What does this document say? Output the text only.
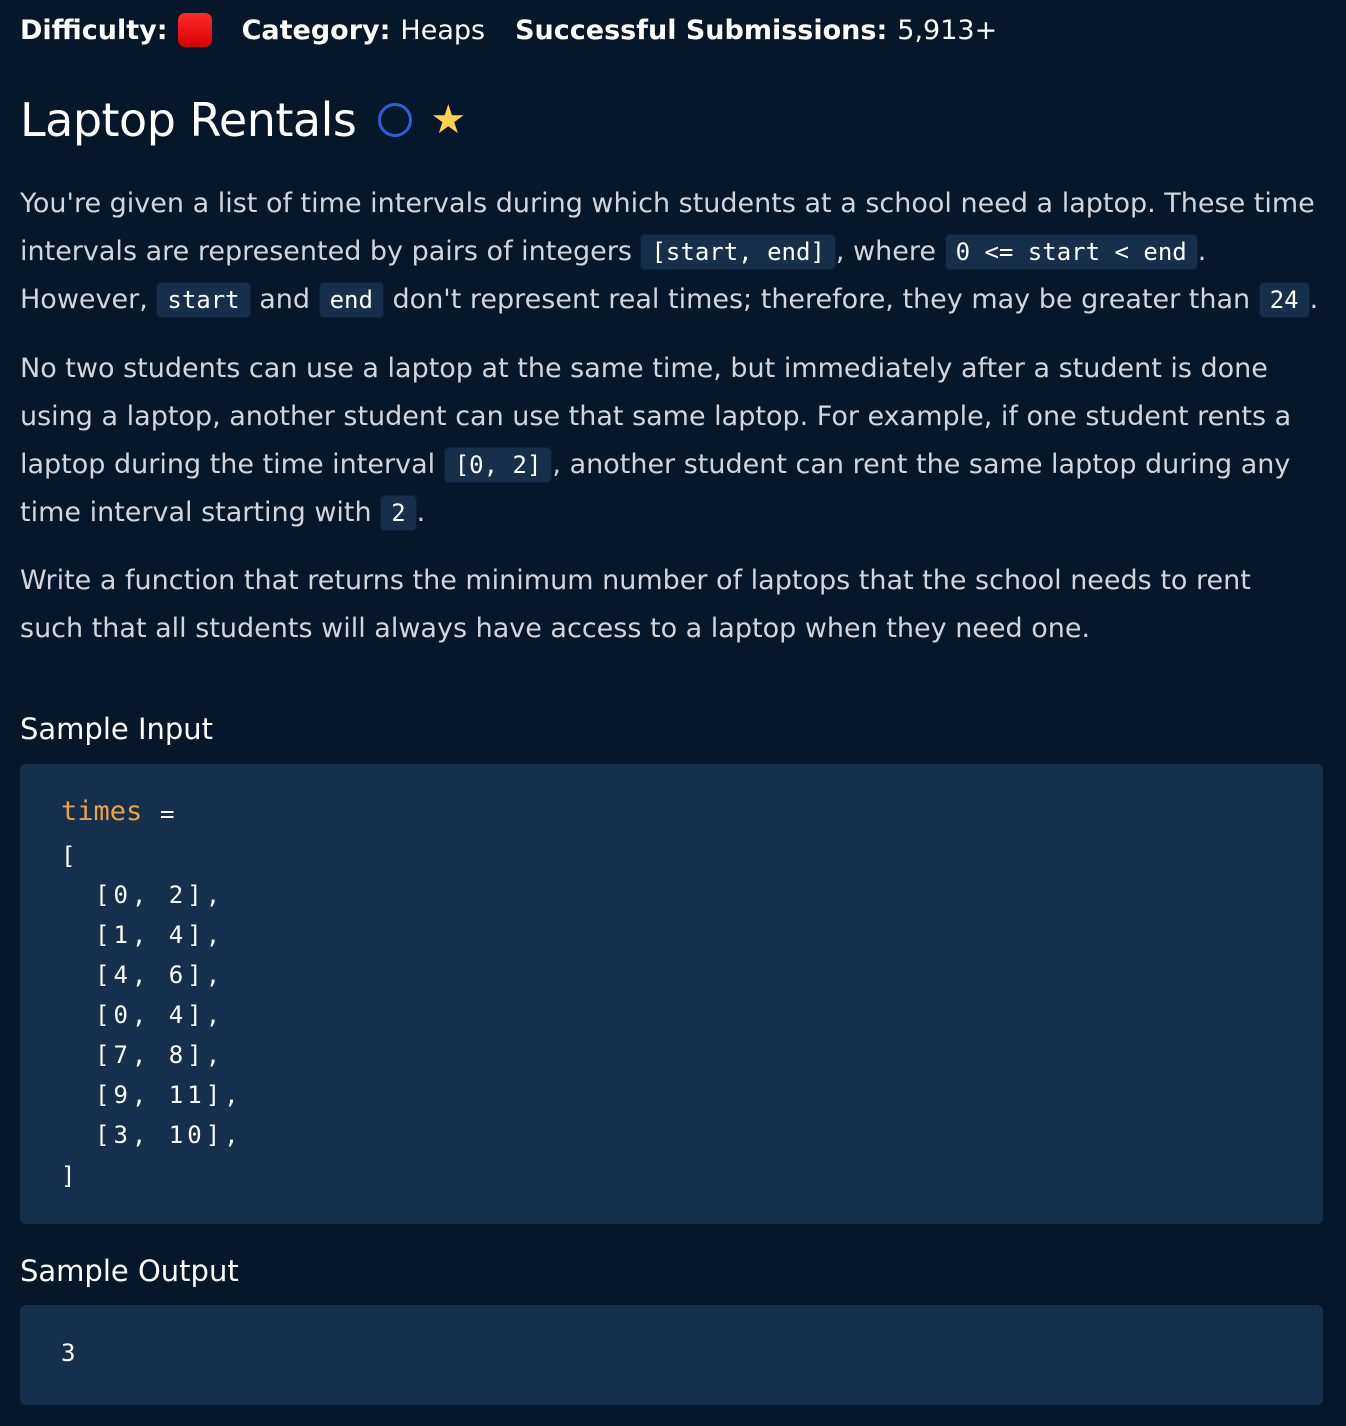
Difficulty:	Category: Heaps Successful Submissions: 5,913+
Laptop Rentals ★

You're given a list of time intervals during which students at a school need a laptop. These time intervals are represented by pairs of integers [start, end] , where 0 <= start < end . However, start and end don't represent real times; therefore, they may be greater than 24 .

No two students can use a laptop at the same time, but immediately after a student is done using a laptop, another student can use that same laptop. For example, if one student rents a laptop during the time interval [0, 2] , another student can rent the same laptop during any time interval starting with 2 .

Write a function that returns the minimum number of laptops that the school needs to rent such that all students will always have access to a laptop when they need one.

Sample Input
times =
[
[0, 2],
[1, 4],
[4, 6],
[0, 4],
[7, 8],
[9, 11],
[3, 10],
]
Sample Output
3
